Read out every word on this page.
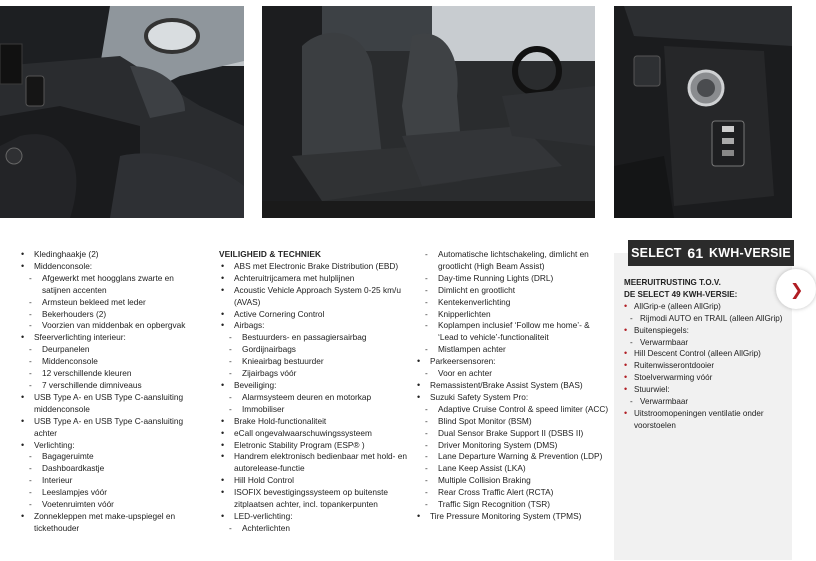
• Kledinghaakje (2)
• Middenconsole:
- Afgewerkt met hoogglans zwarte en satijnen accenten
- Armsteun bekleed met leder
- Bekerhouders (2)
- Voorzien van middenbak en opbergvak
• Sfeerverlichting interieur:
- Deurpanelen
- Middenconsole
- 12 verschillende kleuren
- 7 verschillende dimniveaus
• USB Type A- en USB Type C-aansluiting middenconsole
• USB Type A- en USB Type C-aansluiting achter
• Verlichting:
- Bagageruimte
- Dashboardkastje
- Interieur
- Leeslampjes vóór
- Voetenruimten vóór
• Zonnekleppen met make-upspiegel en tickethouder
VEILIGHEID & TECHNIEK
• ABS met Electronic Brake Distribution (EBD)
• Achteruitrijcamera met hulplijnen
• Acoustic Vehicle Approach System 0-25 km/u (AVAS)
• Active Cornering Control
• Airbags:
- Bestuurders- en passagiersairbag
- Gordijnairbags
- Knieairbag bestuurder
- Zijairbags vóór
• Beveiliging:
- Alarmsysteem deuren en motorkap
- Immobiliser
• Brake Hold-functionaliteit
• eCall ongevalwaarschuwingssysteem
• Eletronic Stability Program (ESP® )
• Handrem elektronisch bedienbaar met hold- en autorelease-functie
• Hill Hold Control
• ISOFIX bevestigingssysteem op buitenste zitplaatsen achter, incl. topankerpunten
• LED-verlichting:
- Achterlichten
- Automatische lichtschakeling, dimlicht en grootlicht (High Beam Assist)
- Day-time Running Lights (DRL)
- Dimlicht en grootlicht
- Kentekenverlichting
- Knipperlichten
- Koplampen inclusief ‘Follow me home’- & ‘Lead to vehicle’-functionaliteit
- Mistlampen achter
• Parkeersensoren:
- Voor en achter
• Remassistent/Brake Assist System (BAS)
• Suzuki Safety System Pro:
- Adaptive Cruise Control & speed limiter (ACC)
- Blind Spot Monitor (BSM)
- Dual Sensor Brake Support II (DSBS II)
- Driver Monitoring System (DMS)
- Lane Departure Warning & Prevention (LDP)
- Lane Keep Assist (LKA)
- Multiple Collision Braking
- Rear Cross Traffic Alert (RCTA)
- Traffic Sign Recognition (TSR)
• Tire Pressure Monitoring System (TPMS)
SELECT
61
KWH-VERSIE
MEERUITRUSTING T.O.V.
DE SELECT 49 KWH-VERSIE:
• AllGrip-e (alleen AllGrip)
- Rijmodi AUTO en TRAIL (alleen AllGrip)
• Buitenspiegels:
- Verwarmbaar
• Hill Descent Control (alleen AllGrip)
• Ruitenwisserontdooier
• Stoelverwarming vóór
• Stuurwiel:
- Verwarmbaar
• Uitstroomopeningen ventilatie onder voorstoelen
❯
